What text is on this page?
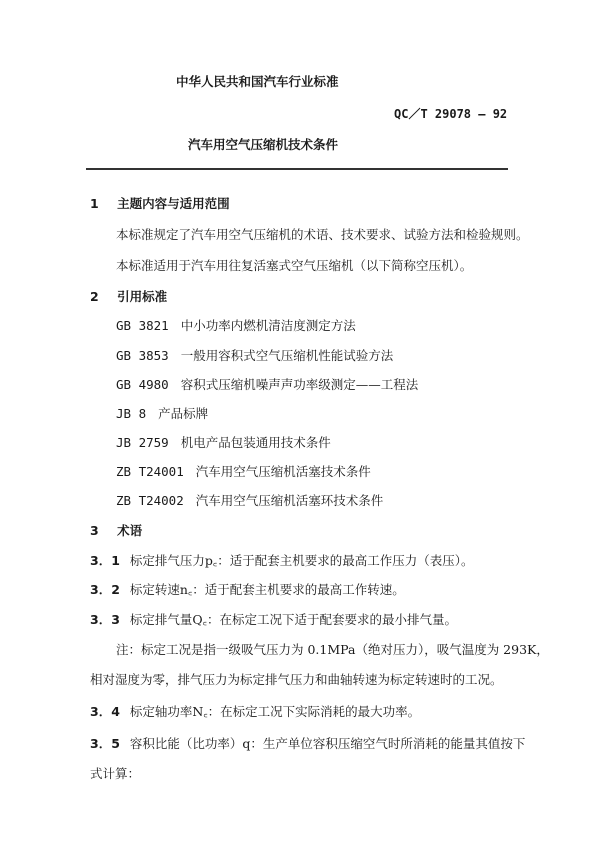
中华人民共和国汽车行业标准
QC／T 29078 — 92
汽车用空气压缩机技术条件
1 主题内容与适用范围
本标准规定了汽车用空气压缩机的术语、技术要求、试验方法和检验规则。
本标准适用于汽车用往复活塞式空气压缩机（以下简称空压机）。
2 引用标准
GB 3821 中小功率内燃机清洁度测定方法
GB 3853 一般用容积式空气压缩机性能试验方法
GB 4980 容积式压缩机噪声声功率级测定——工程法
JB 8 产品标牌
JB 2759 机电产品包装通用技术条件
ZB T24001 汽车用空气压缩机活塞技术条件
ZB T24002 汽车用空气压缩机活塞环技术条件
3 术语
3．1 标定排气压力p꜀：适于配套主机要求的最高工作压力（表压）。
3．2 标定转速n꜀：适于配套主机要求的最高工作转速。
3．3 标定排气量Q꜀：在标定工况下适于配套要求的最小排气量。
注：标定工况是指一级吸气压力为 0.1MPa（绝对压力），吸气温度为 293K，
相对湿度为零，排气压力为标定排气压力和曲轴转速为标定转速时的工况。
3．4 标定轴功率N꜀：在标定工况下实际消耗的最大功率。
3．5 容积比能（比功率）q：生产单位容积压缩空气时所消耗的能量其值按下
式计算：
